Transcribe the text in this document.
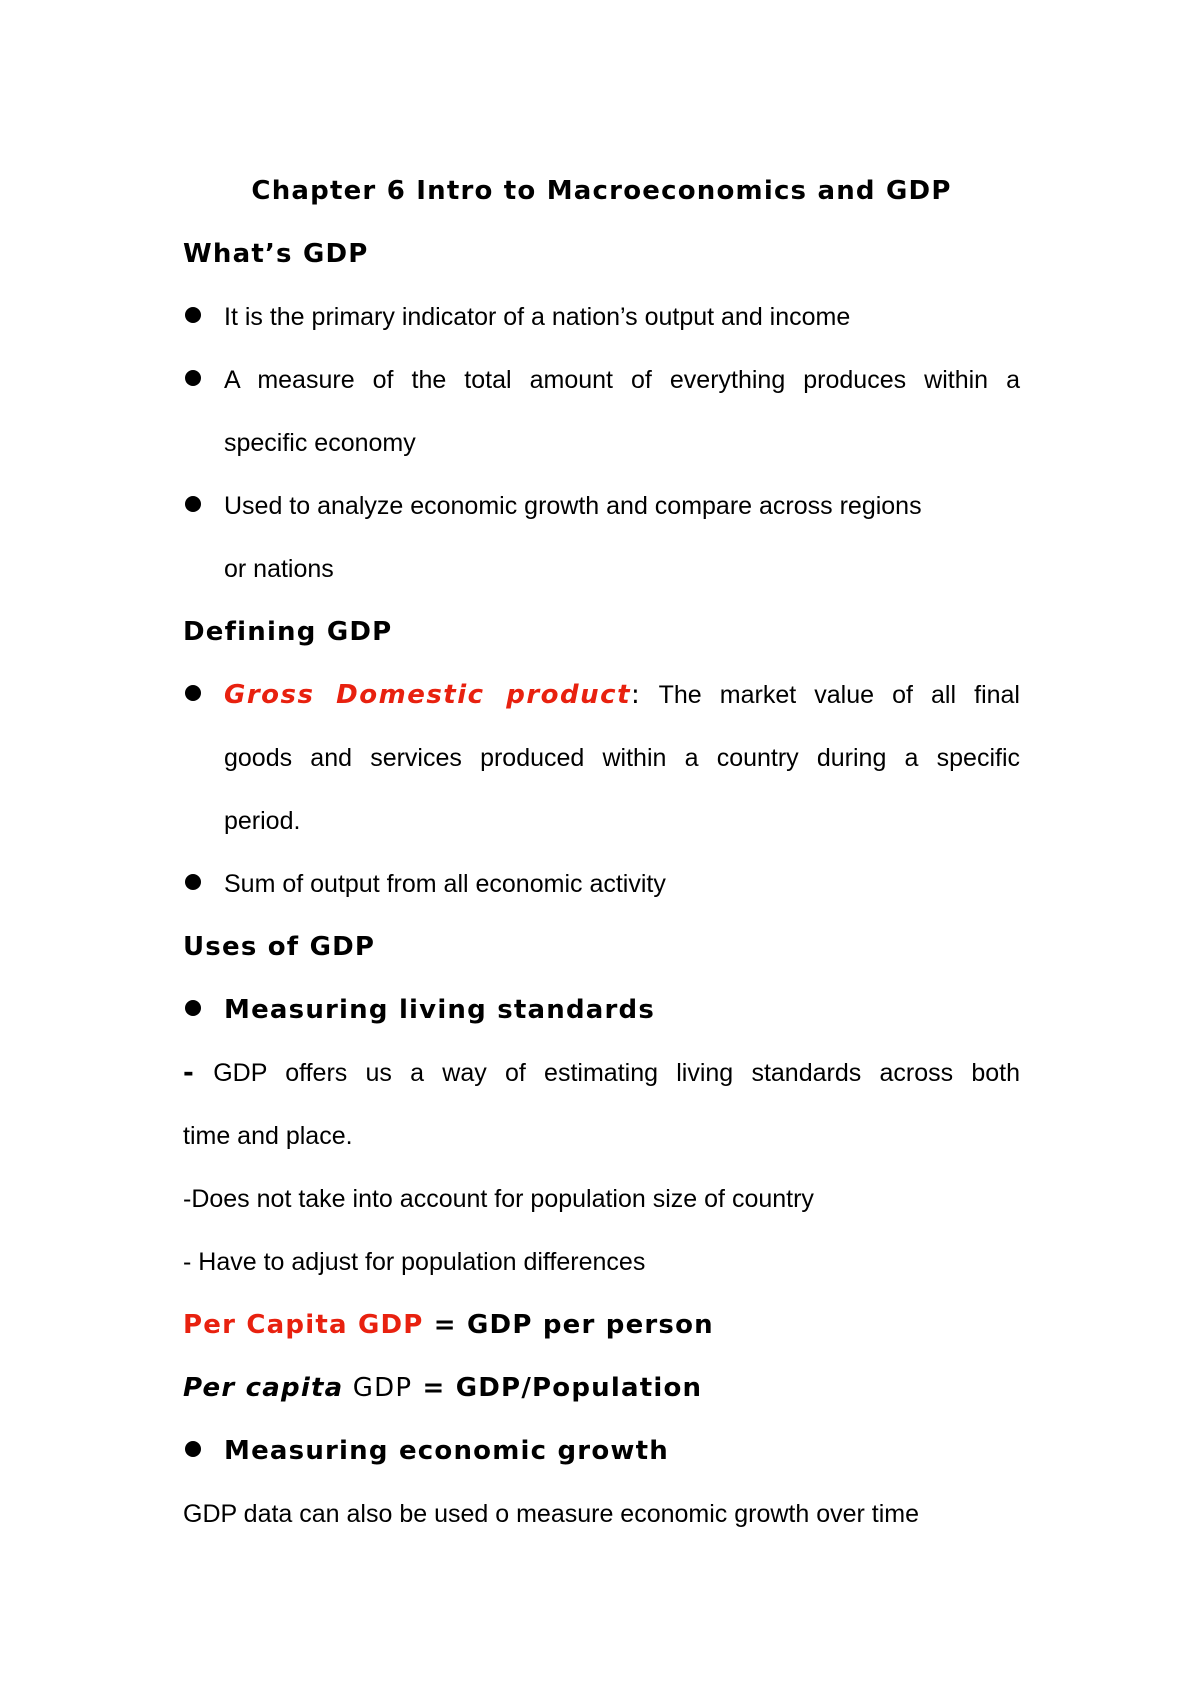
Chapter 6 Intro to Macroeconomics and GDP
What’s GDP
It is the primary indicator of a nation’s output and income
A measure of the total amount of everything produces within a
specific economy
Used to analyze economic growth and compare across regions
or nations
Defining GDP
Gross Domestic product: The market value of all final
goods and services produced within a country during a specific
period.
Sum of output from all economic activity
Uses of GDP
Measuring living standards
- GDP offers us a way of estimating living standards across both
time and place.
-Does not take into account for population size of country
- Have to adjust for population differences
Per Capita GDP = GDP per person
Per capita GDP = GDP/Population
Measuring economic growth
GDP data can also be used o measure economic growth over time
